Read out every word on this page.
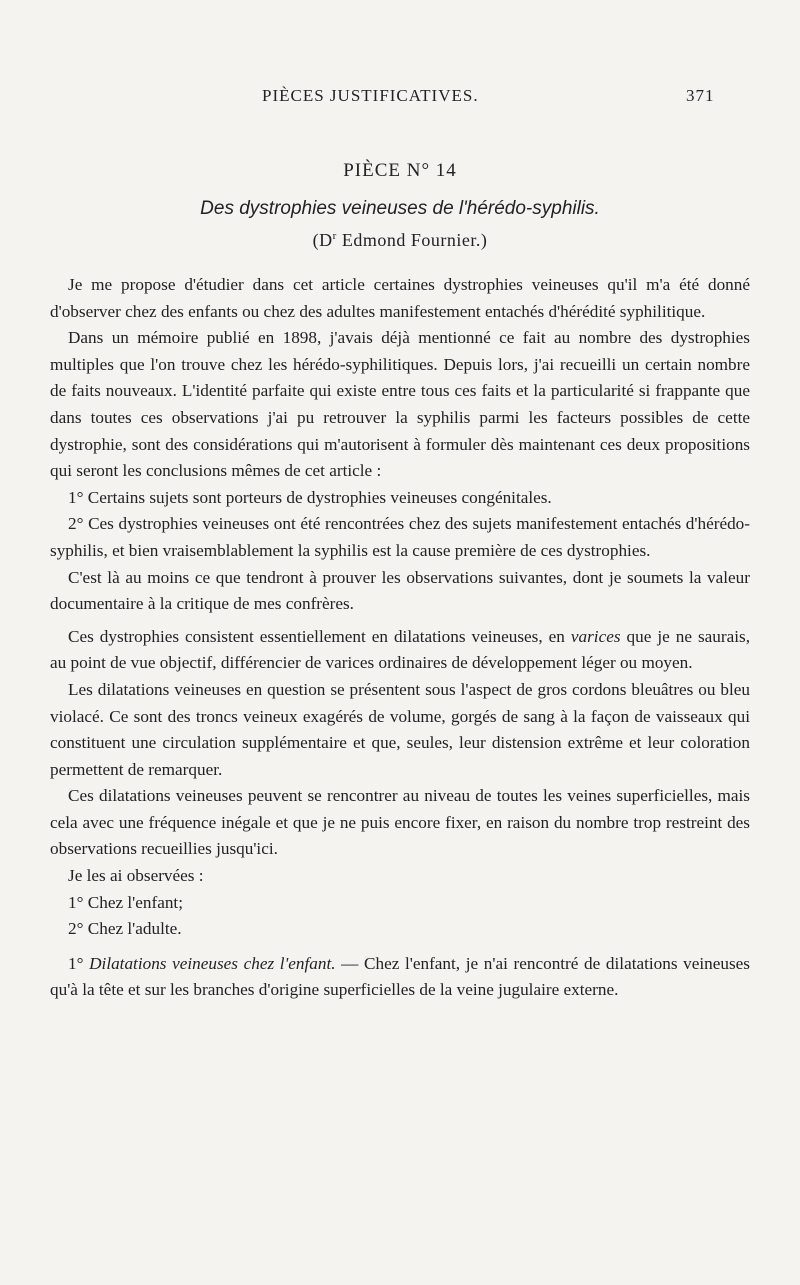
PIÈCES JUSTIFICATIVES.	371
PIÈCE N° 14
Des dystrophies veineuses de l'hérédo-syphilis.
($D^r$ Edmond Fournier.)

Je me propose d'étudier dans cet article certaines dystrophies veineuses qu'il m'a été donné d'observer chez des enfants ou chez des adultes manifestement entachés d'hérédité syphilitique.

Dans un mémoire publié en 1898, j'avais déjà mentionné ce fait au nombre des dystrophies multiples que l'on trouve chez les hérédo-syphilitiques. Depuis lors, j'ai recueilli un certain nombre de faits nouveaux. L'identité parfaite qui existe entre tous ces faits et la particularité si frappante que dans toutes ces observations j'ai pu retrouver la syphilis parmi les facteurs possibles de cette dystrophie, sont des considérations qui m'autorisent à formuler dès maintenant ces deux propositions qui seront les conclusions mêmes de cet article :

1° Certains sujets sont porteurs de dystrophies veineuses congénitales.

2° Ces dystrophies veineuses ont été rencontrées chez des sujets manifestement entachés d'hérédo-syphilis, et bien vraisemblablement la syphilis est la cause première de ces dystrophies.

C'est là au moins ce que tendront à prouver les observations suivantes, dont je soumets la valeur documentaire à la critique de mes confrères.

Ces dystrophies consistent essentiellement en dilatations veineuses, en varices que je ne saurais, au point de vue objectif, différencier de varices ordinaires de développement léger ou moyen.

Les dilatations veineuses en question se présentent sous l'aspect de gros cordons bleuâtres ou bleu violacé. Ce sont des troncs veineux exagérés de volume, gorgés de sang à la façon de vaisseaux qui constituent une circulation supplémentaire et que, seules, leur distension extrême et leur coloration permettent de remarquer.

Ces dilatations veineuses peuvent se rencontrer au niveau de toutes les veines superficielles, mais cela avec une fréquence inégale et que je ne puis encore fixer, en raison du nombre trop restreint des observations recueillies jusqu'ici.

Je les ai observées :

1° Chez l'enfant;

2° Chez l'adulte.

1° Dilatations veineuses chez l'enfant. — Chez l'enfant, je n'ai rencontré de dilatations veineuses qu'à la tête et sur les branches d'origine superficielles de la veine jugulaire externe.
